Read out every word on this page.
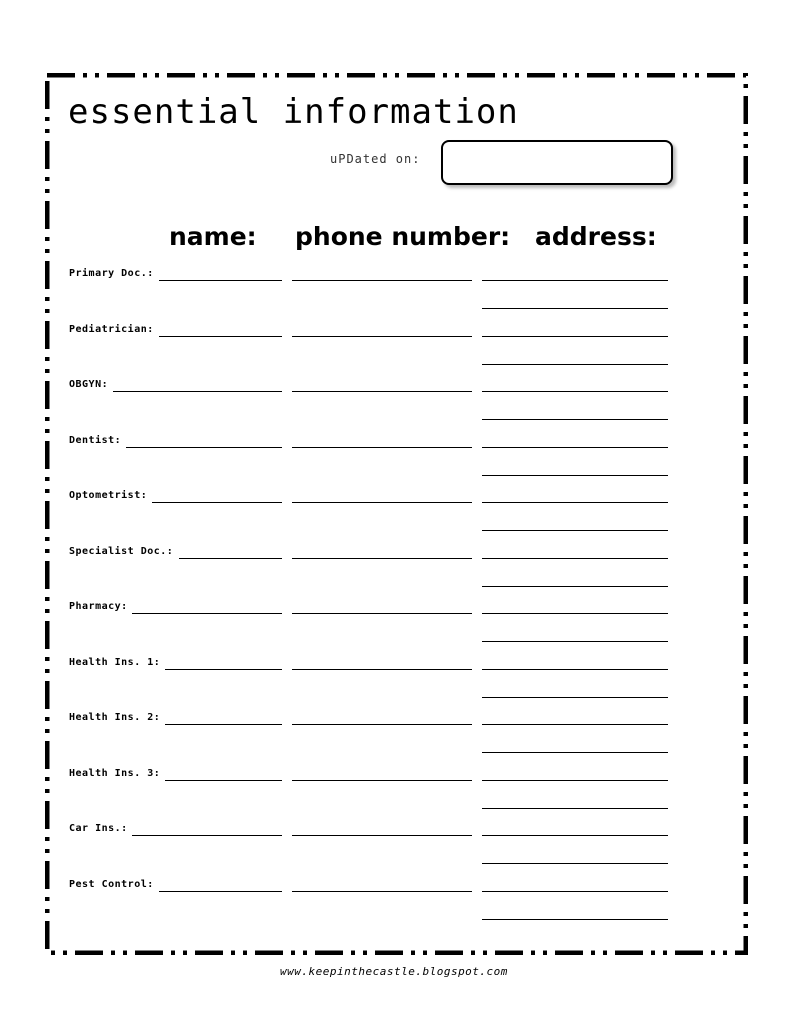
essential information
uPDated on:
name: phone number: address:
Primary Doc.:
Pediatrician:
OBGYN:
Dentist:
Optometrist:
Specialist Doc.:
Pharmacy:
Health Ins. 1:
Health Ins. 2:
Health Ins. 3:
Car Ins.:
Pest Control:
www.keepinthecastle.blogspot.com
